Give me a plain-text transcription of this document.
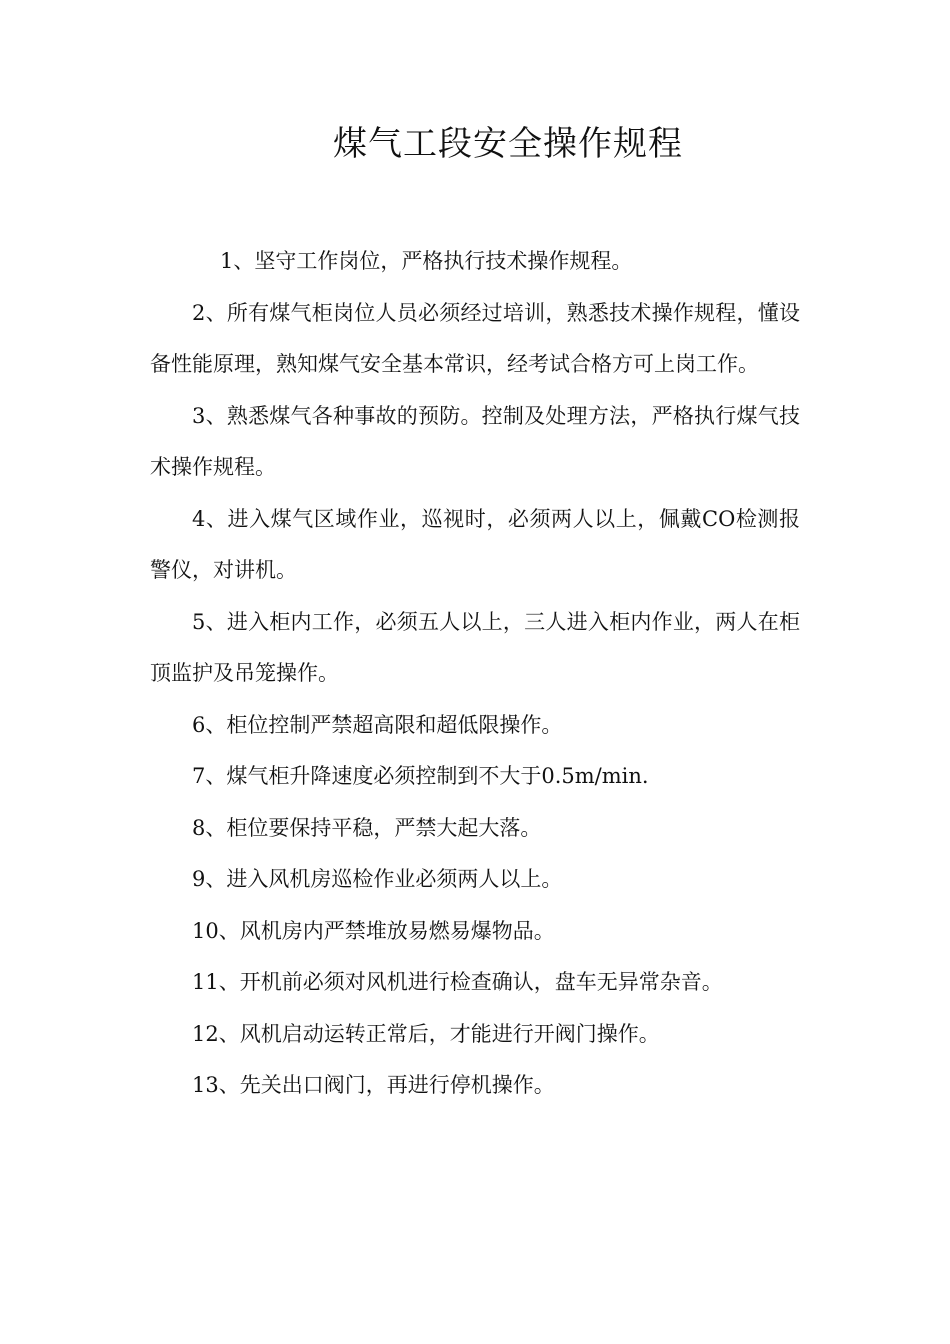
煤气工段安全操作规程

1、坚守工作岗位，严格执行技术操作规程。

2、所有煤气柜岗位人员必须经过培训，熟悉技术操作规程，懂设备性能原理，熟知煤气安全基本常识，经考试合格方可上岗工作。

3、熟悉煤气各种事故的预防。控制及处理方法，严格执行煤气技术操作规程。

4、进入煤气区域作业，巡视时，必须两人以上，佩戴CO检测报警仪，对讲机。

5、进入柜内工作，必须五人以上，三人进入柜内作业，两人在柜顶监护及吊笼操作。

6、柜位控制严禁超高限和超低限操作。

7、煤气柜升降速度必须控制到不大于0.5m/min.

8、柜位要保持平稳，严禁大起大落。

9、进入风机房巡检作业必须两人以上。

10、风机房内严禁堆放易燃易爆物品。

11、开机前必须对风机进行检查确认，盘车无异常杂音。

12、风机启动运转正常后，才能进行开阀门操作。

13、先关出口阀门，再进行停机操作。
